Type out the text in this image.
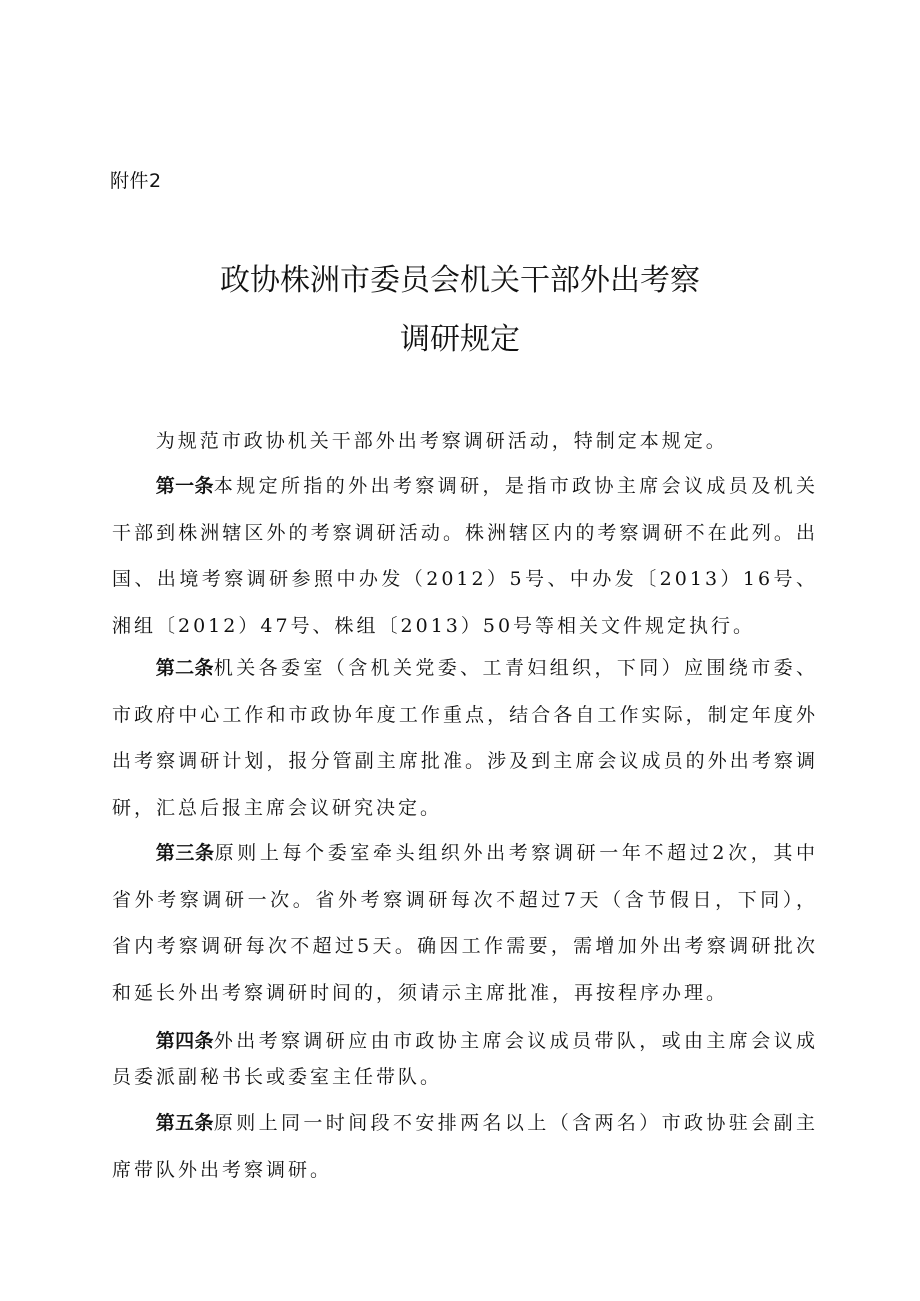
附件2
政协株洲市委员会机关干部外出考察
调研规定

为规范市政协机关干部外出考察调研活动，特制定本规定。

第一条本规定所指的外出考察调研，是指市政协主席会议成员及机关干部到株洲辖区外的考察调研活动。株洲辖区内的考察调研不在此列。出国、出境考察调研参照中办发（2012）5号、中办发〔2013）16号、湘组〔2012）47号、株组〔2013）50号等相关文件规定执行。

第二条机关各委室（含机关党委、工青妇组织，下同）应围绕市委、市政府中心工作和市政协年度工作重点，结合各自工作实际，制定年度外出考察调研计划，报分管副主席批准。涉及到主席会议成员的外出考察调研，汇总后报主席会议研究决定。

第三条原则上每个委室牵头组织外出考察调研一年不超过2次，其中省外考察调研一次。省外考察调研每次不超过7天（含节假日，下同），省内考察调研每次不超过5天。确因工作需要，需增加外出考察调研批次和延长外出考察调研时间的，须请示主席批准，再按程序办理。

第四条外出考察调研应由市政协主席会议成员带队，或由主席会议成员委派副秘书长或委室主任带队。

第五条原则上同一时间段不安排两名以上（含两名）市政协驻会副主席带队外出考察调研。
